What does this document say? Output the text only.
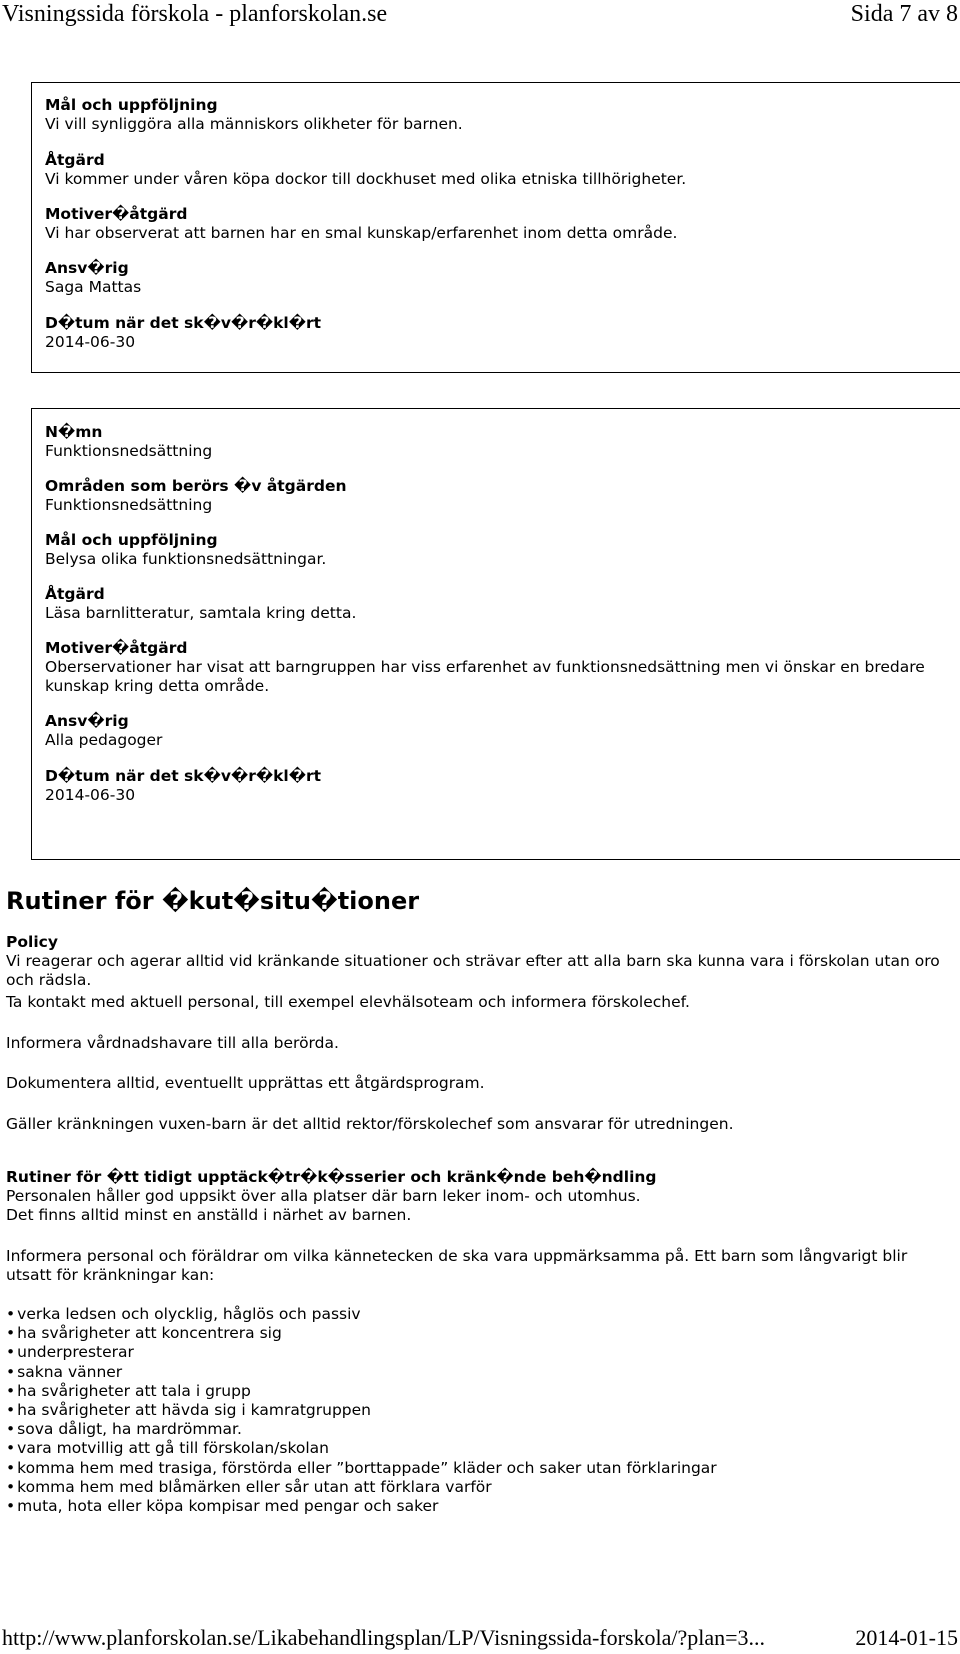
Visningssida förskola - planforskolan.se	Sida 7 av 8
Mål och uppföljning
Vi vill synliggöra alla människors olikheter för barnen.
Åtgärd
Vi kommer under våren köpa dockor till dockhuset med olika etniska tillhörigheter.
Motiver�åtgärd
Vi har observerat att barnen har en smal kunskap/erfarenhet inom detta område.
Ansv�rig
Saga Mattas
D�tum när det sk�v�r�kl�rt
2014-06-30
N�mn
Funktionsnedsättning
Områden som berörs �v åtgärden
Funktionsnedsättning
Mål och uppföljning
Belysa olika funktionsnedsättningar.
Åtgärd
Läsa barnlitteratur, samtala kring detta.
Motiver�åtgärd
Oberservationer har visat att barngruppen har viss erfarenhet av funktionsnedsättning men vi önskar en bredare kunskap kring detta område.
Ansv�rig
Alla pedagoger
D�tum när det sk�v�r�kl�rt
2014-06-30
Rutiner för �kut�situ�tioner
Policy
Vi reagerar och agerar alltid vid kränkande situationer och strävar efter att alla barn ska kunna vara i förskolan utan oro och rädsla.
Ta kontakt med aktuell personal, till exempel elevhälsoteam och informera förskolechef.
Informera vårdnadshavare till alla berörda.
Dokumentera alltid, eventuellt upprättas ett åtgärdsprogram.
Gäller kränkningen vuxen-barn är det alltid rektor/förskolechef som ansvarar för utredningen.
Rutiner för �tt tidigt upptäck�tr�k�sserier och kränk�nde beh�ndling
Personalen håller god uppsikt över alla platser där barn leker inom- och utomhus.
Det finns alltid minst en anställd i närhet av barnen.
Informera personal och föräldrar om vilka kännetecken de ska vara uppmärksamma på. Ett barn som långvarigt blir utsatt för kränkningar kan:
• verka ledsen och olycklig, håglös och passiv
• ha svårigheter att koncentrera sig
• underpresterar
• sakna vänner
• ha svårigheter att tala i grupp
• ha svårigheter att hävda sig i kamratgruppen
• sova dåligt, ha mardrömmar.
• vara motvillig att gå till förskolan/skolan
• komma hem med trasiga, förstörda eller ”borttappade” kläder och saker utan förklaringar
• komma hem med blåmärken eller sår utan att förklara varför
• muta, hota eller köpa kompisar med pengar och saker
http://www.planforskolan.se/Likabehandlingsplan/LP/Visningssida-forskola/?plan=3...	2014-01-15
